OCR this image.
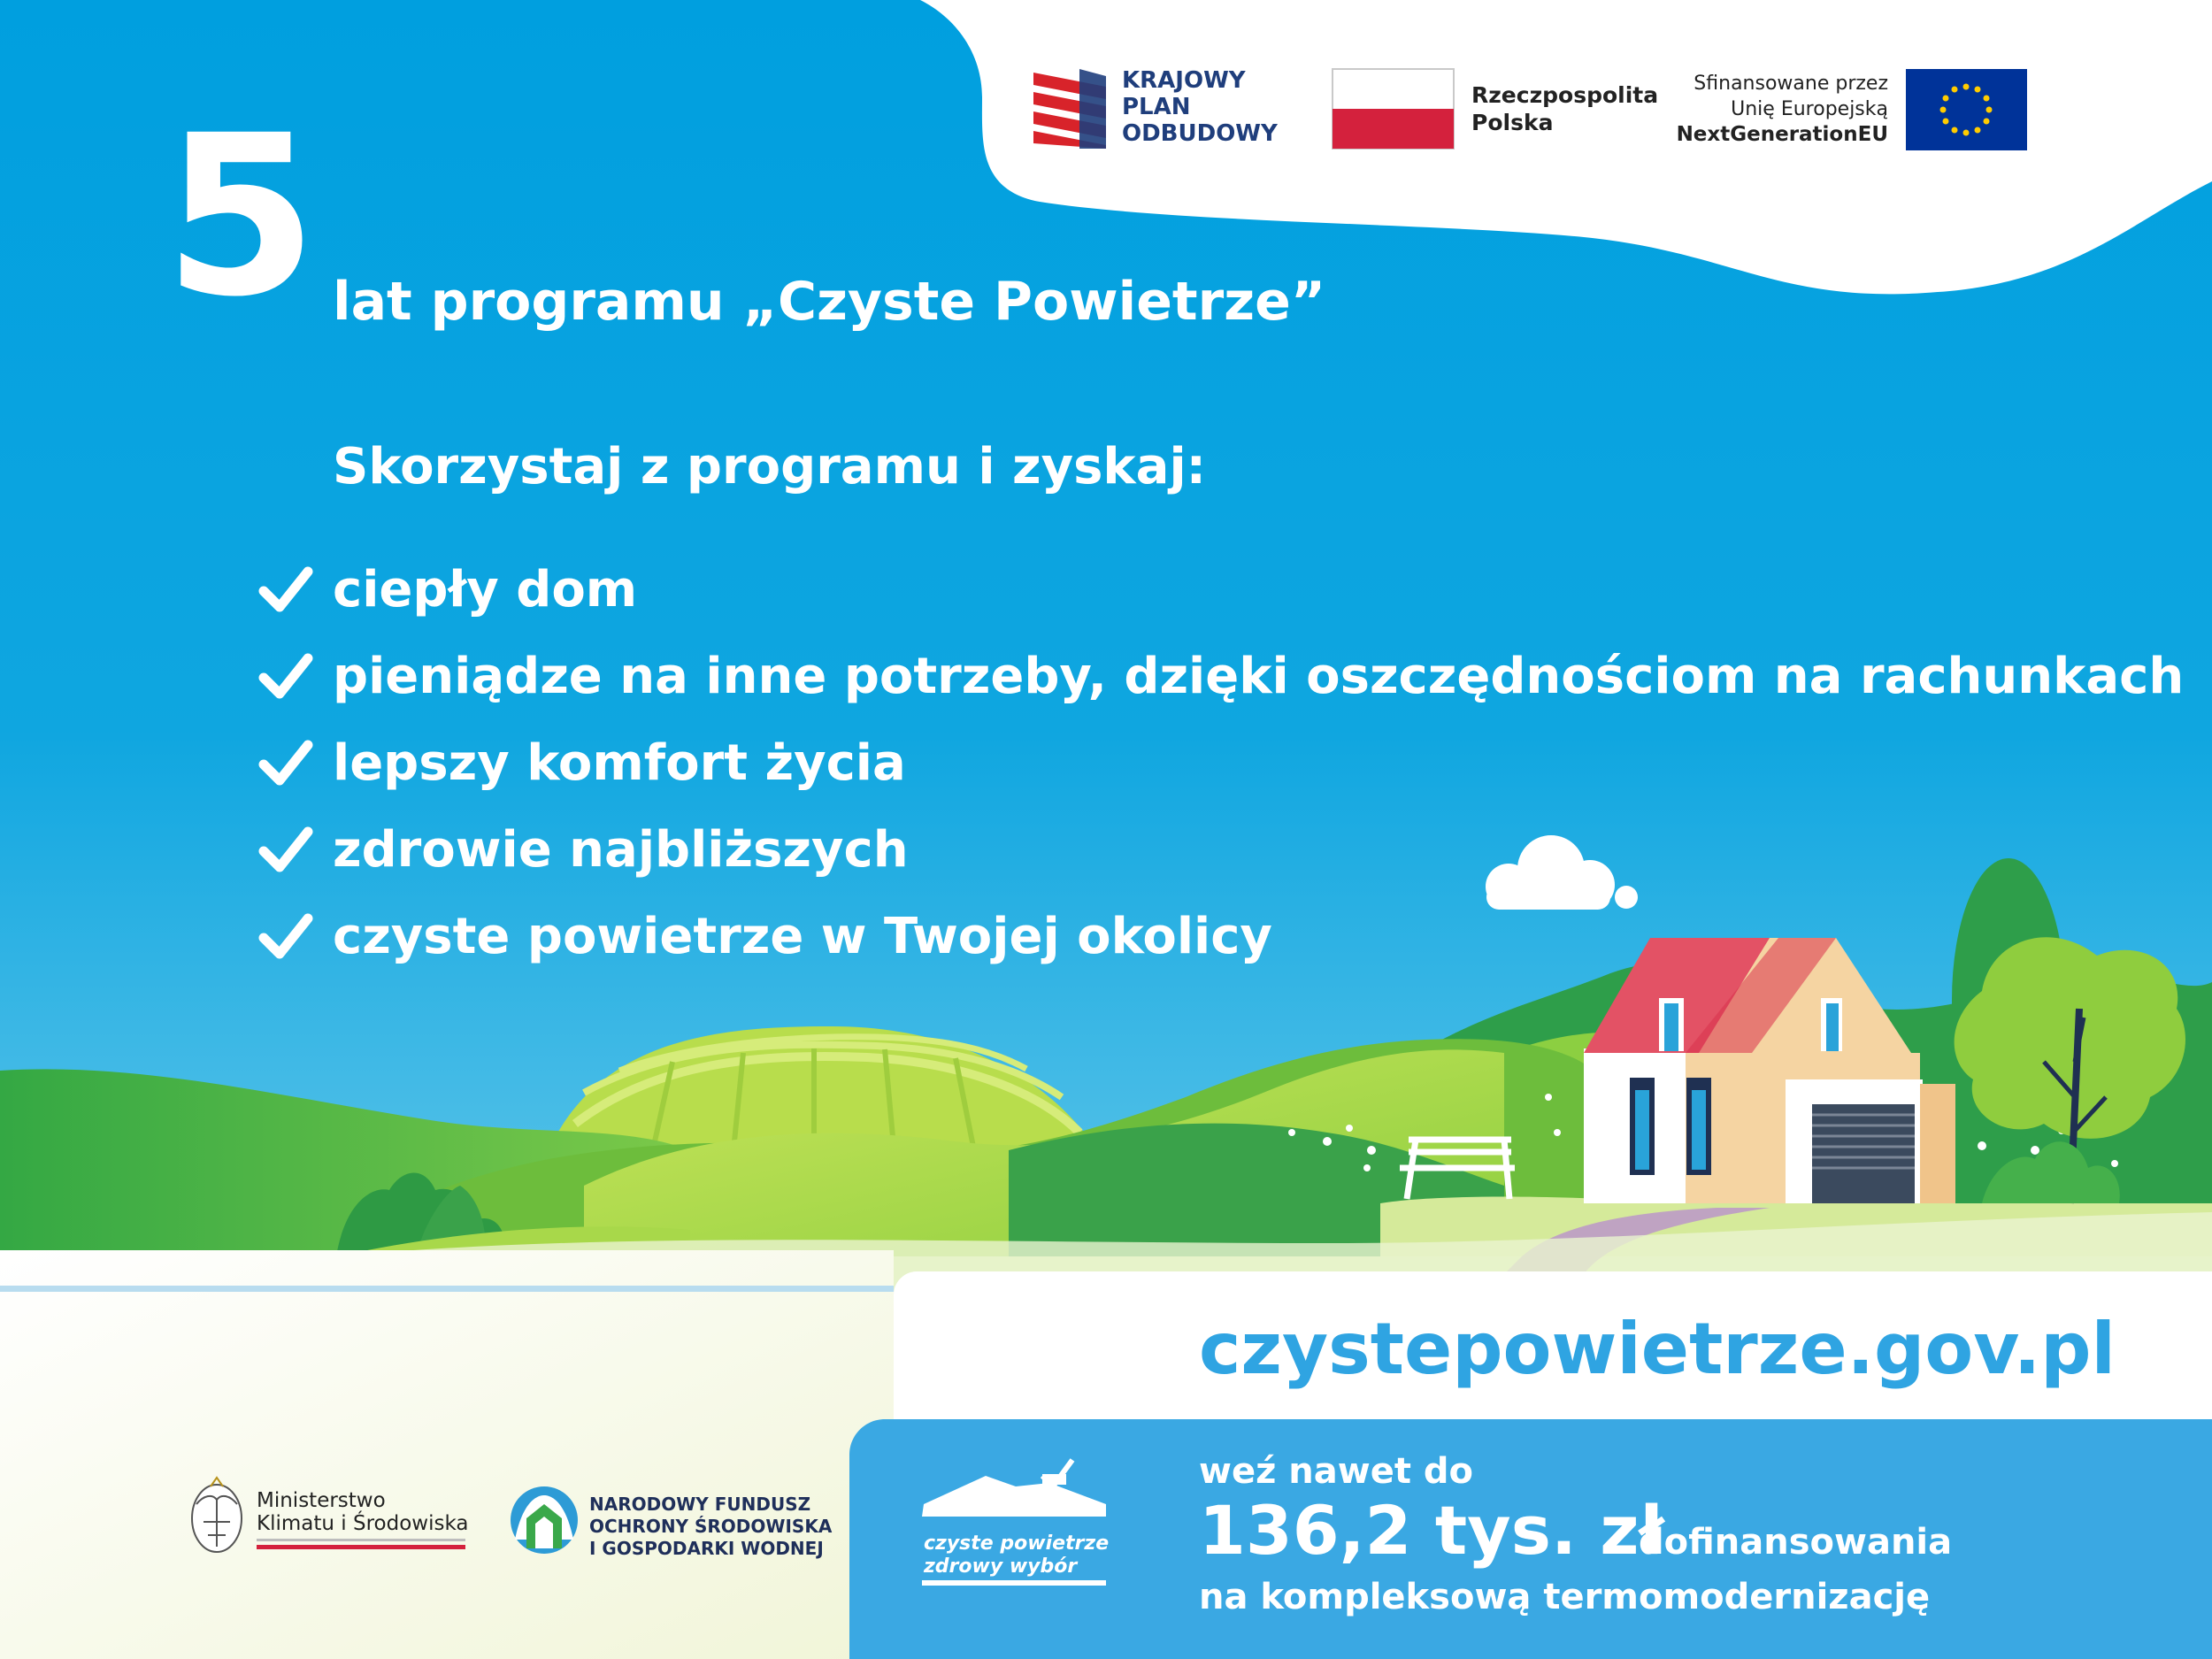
5 lat programu „Czyste Powietrze”
Skorzystaj z programu i zyskaj:
ciepły dom
pieniądze na inne potrzeby, dzięki oszczędnościom na rachunkach
lepszy komfort życia
zdrowie najbliższych
czyste powietrze w Twojej okolicy
KRAJOWY
PLAN
ODBUDOWY
Rzeczpospolita
Polska
Sfinansowane przez
Unię Europejską
NextGenerationEU
czystepowietrze.gov.pl
weź nawet do
136,2 tys. zł
dofinansowania
na kompleksową termomodernizację
czyste powietrze
zdrowy wybór
Ministerstwo
Klimatu i Środowiska
NARODOWY FUNDUSZ
OCHRONY ŚRODOWISKA
I GOSPODARKI WODNEJ
